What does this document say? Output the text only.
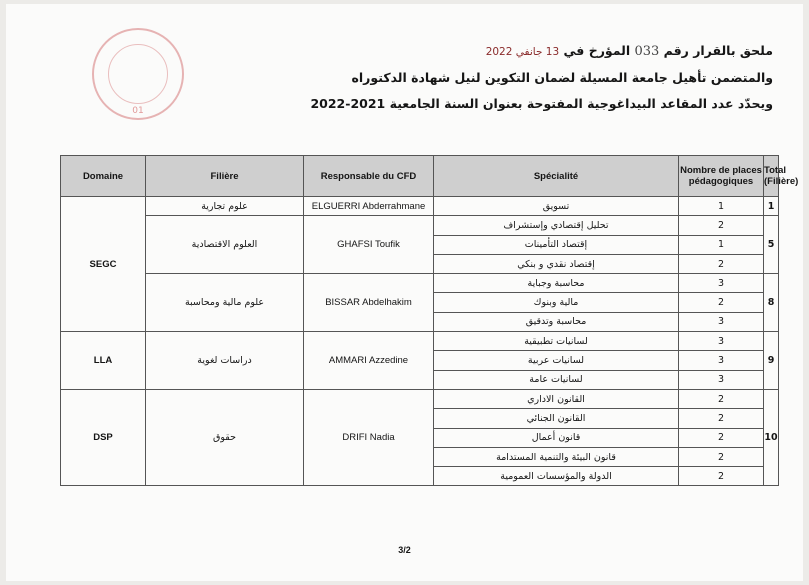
01
ملحق بالقرار رقم 033 المؤرخ في 13 جانفي 2022
والمتضمن تأهيل جامعة المسيلة لضمان التكوين لنيل شهادة الدكتوراه
ويحدّد عدد المقاعد البيداغوجية المفتوحة بعنوان السنة الجامعية 2021-2022
Domaine	Filière	Responsable du CFD	Spécialité	Nombre de places pédagogiques	Total (Filière)
SEGC	علوم تجارية	ELGUERRI Abderrahmane	تسويق	1	1
	العلوم الاقتصادية	GHAFSI Toufik	تحليل إقتصادي وإستشراف	2	5
			إقتصاد التأمينات	1	
			إقتصاد نقدي و بنكي	2	
	علوم مالية ومحاسبة	BISSAR Abdelhakim	محاسبة وجباية	3	8
			مالية وبنوك	2	
			محاسبة وتدقيق	3	
LLA	دراسات لغوية	AMMARI Azzedine	لسانيات تطبيقية	3	9
			لسانيات عربية	3	
			لسانيات عامة	3	
DSP	حقوق	DRIFI Nadia	القانون الاداري	2	10
			القانون الجنائي	2	
			قانون أعمال	2	
			قانون البيئة والتنمية المستدامة	2	
			الدولة والمؤسسات العمومية	2	
3/2
